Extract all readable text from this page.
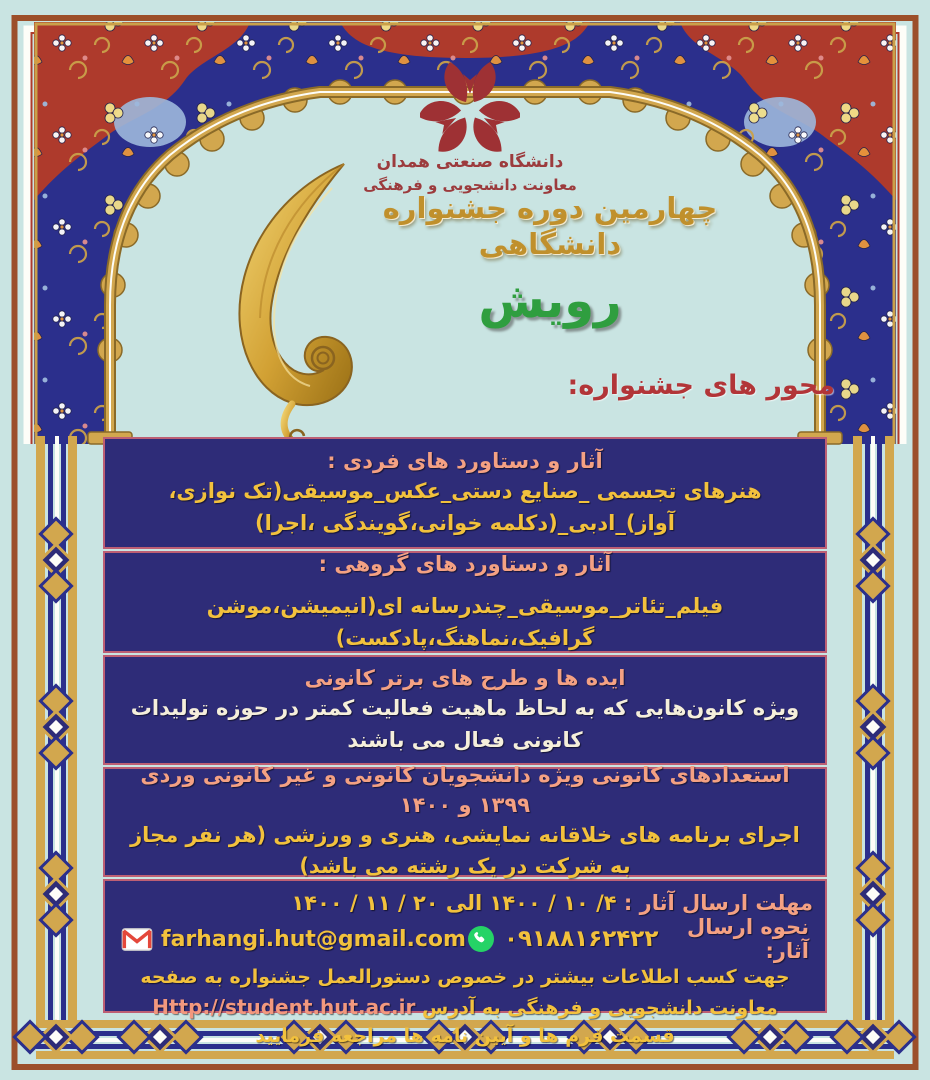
دانشگاه صنعتی همدان
معاونت دانشجویی و فرهنگی
چهارمین دوره جشنواره
دانشگاهی
رویش
محور های جشنواره:
آثار و دستاورد های فردی :
هنرهای تجسمی _صنایع دستی_عکس_موسیقی(تک نوازی، آواز)_ادبی_(دکلمه خوانی،گویندگی ،اجرا)
آثار و دستاورد های گروهی :
فیلم_تئاتر_موسیقی_چندرسانه ای(انیمیشن،موشن گرافیک،نماهنگ،پادکست)
ایده ها و طرح های برتر کانونی
ویژه کانون‌هایی که به لحاظ ماهیت فعالیت کمتر در حوزه تولیدات کانونی فعال می باشند
استعدادهای کانونی ویژه دانشجویان کانونی و غیر کانونی وردی ۱۳۹۹ و ۱۴۰۰
اجرای برنامه های خلاقانه نمایشی، هنری و ورزشی (هر نفر مجاز به شرکت در یک رشته می باشد)
مهلت ارسال آثار : ۴/ ۱۰ / ۱۴۰۰ الی ۲۰ / ۱۱ / ۱۴۰۰
نحوه ارسال آثار:
۰۹۱۸۸۱۶۲۴۲۲
farhangi.hut@gmail.com
جهت کسب اطلاعات بیشتر در خصوص دستورالعمل جشنواره به صفحه معاونت دانشجویی و فرهنگی به آدرس Http://student.hut.ac.ir قسمت فرم ها و آیین نامه ها مراجعه فرمایید
